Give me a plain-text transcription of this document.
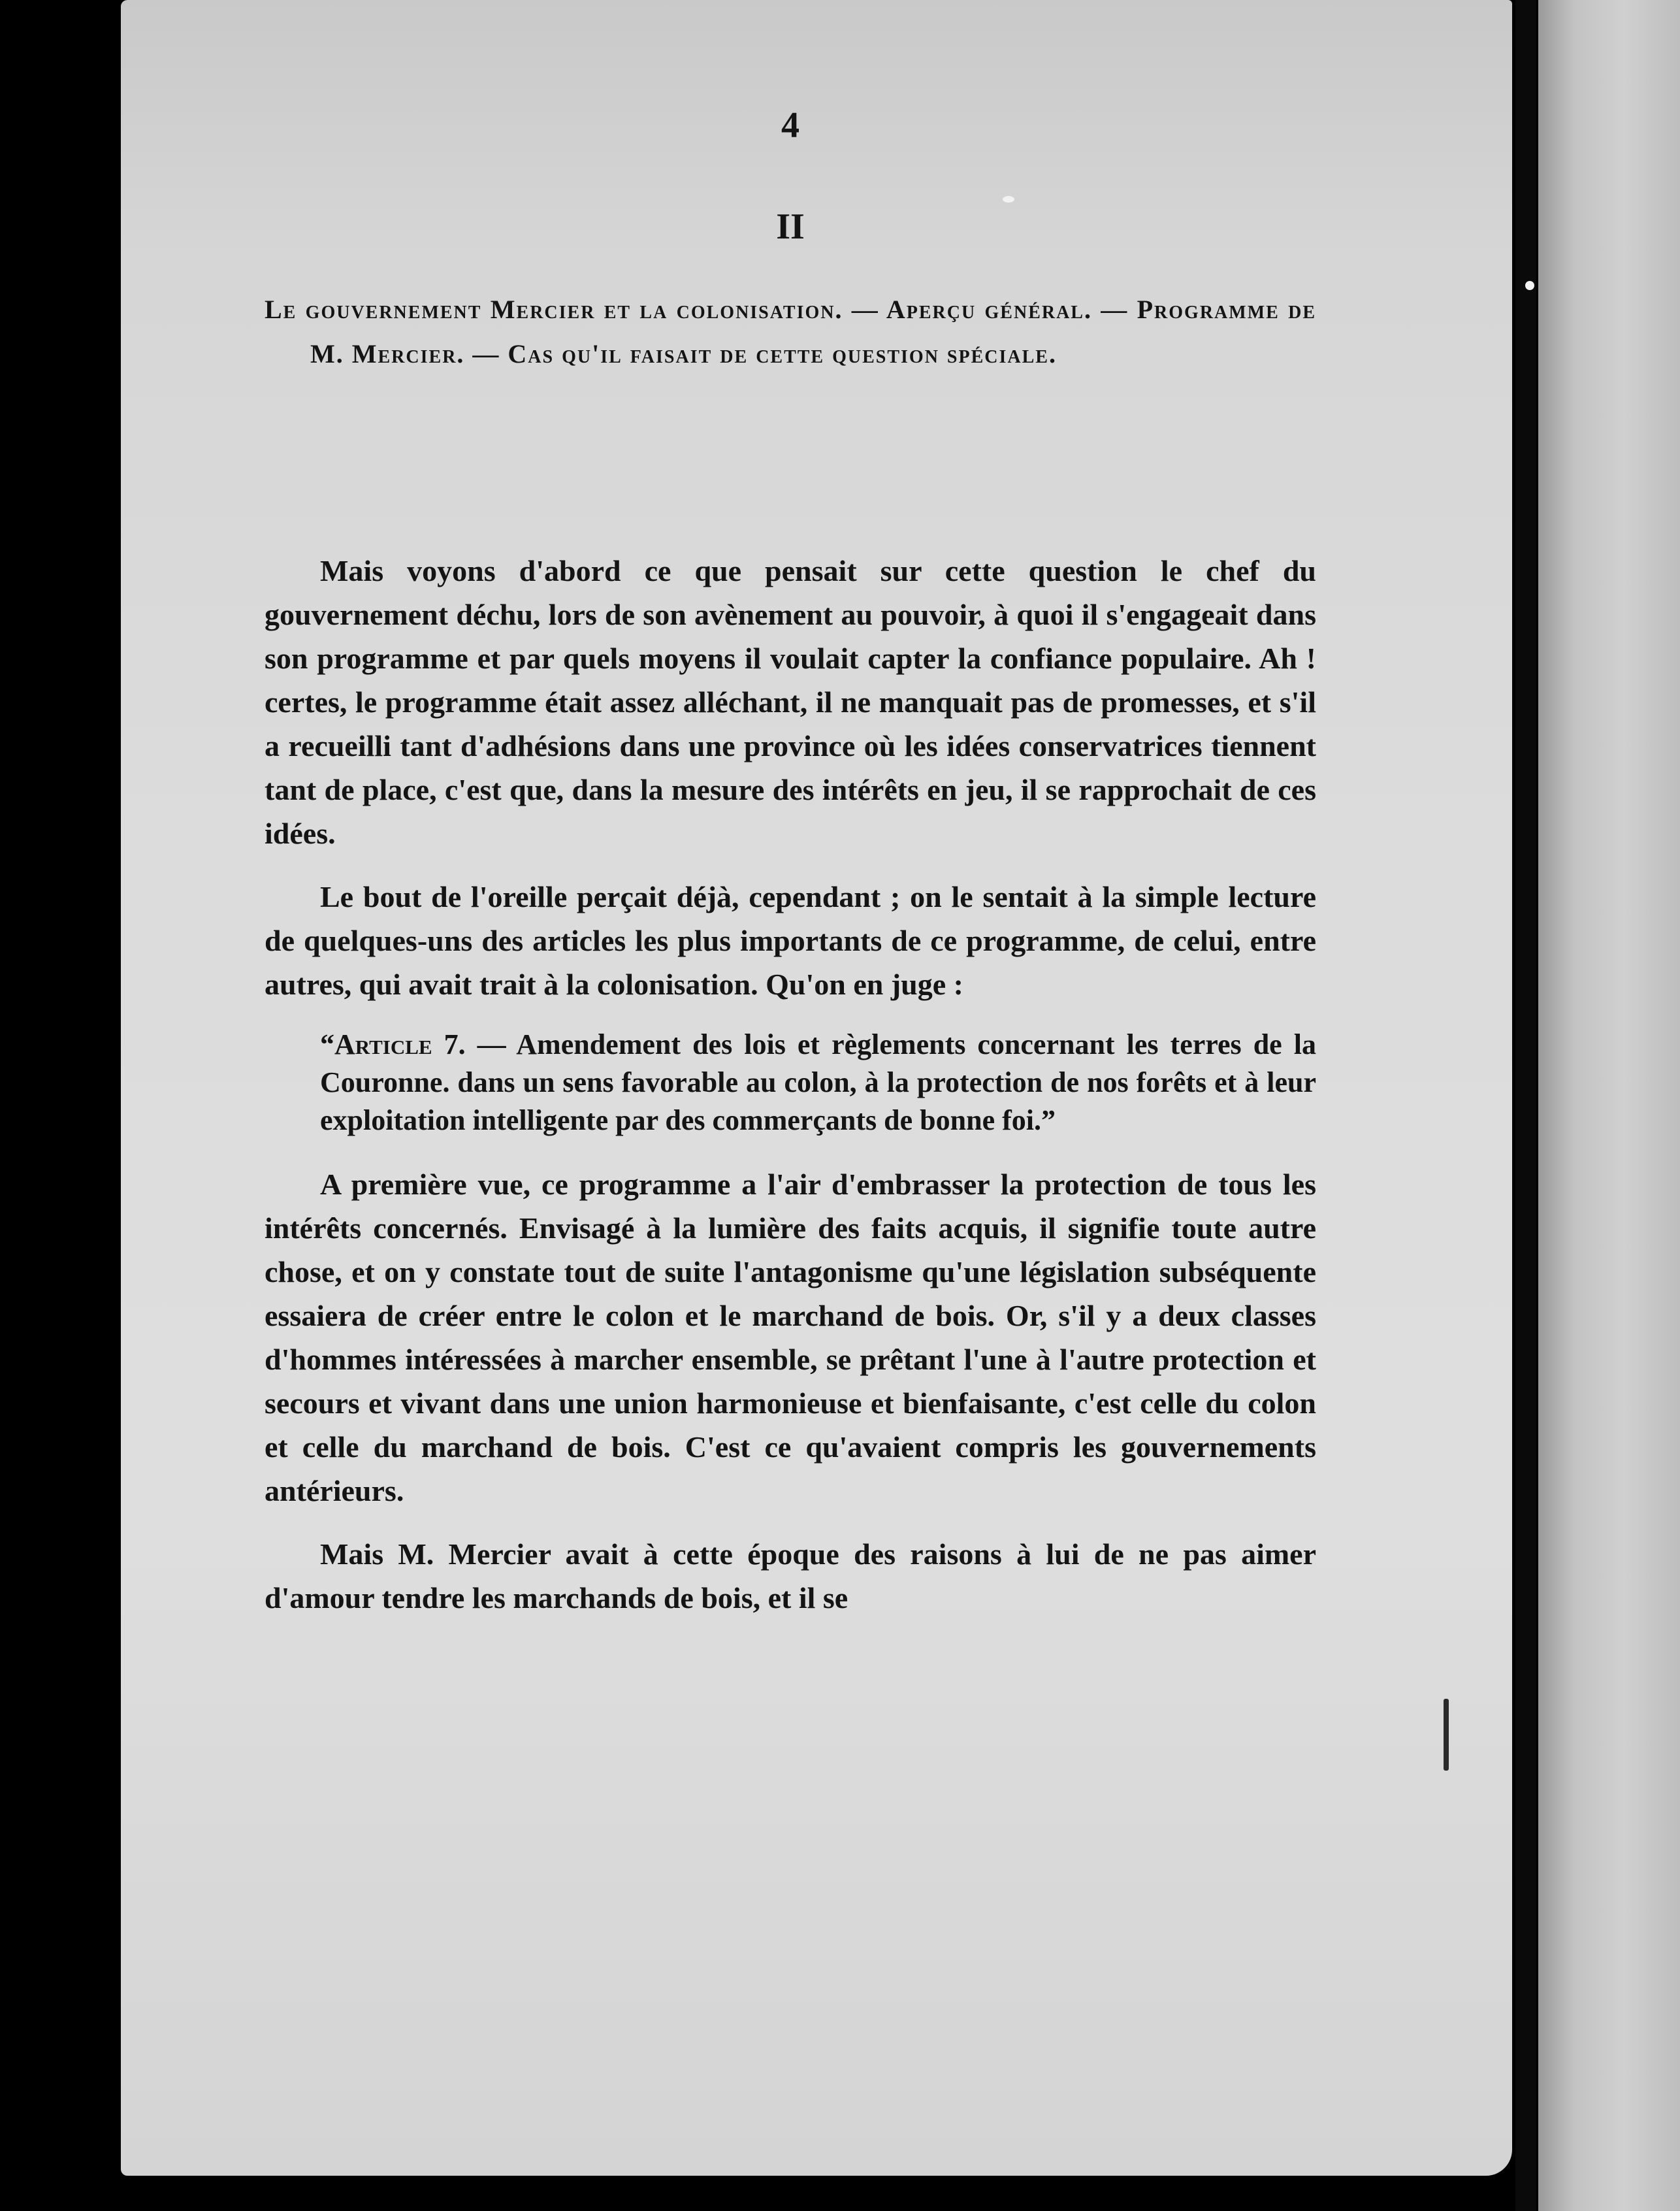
4
II
Le gouvernement Mercier et la colonisation. — Aperçu général. — Programme de M. Mercier. — Cas qu'il faisait de cette question spéciale.

Mais voyons d'abord ce que pensait sur cette question le chef du gouvernement déchu, lors de son avènement au pouvoir, à quoi il s'engageait dans son programme et par quels moyens il voulait capter la confiance populaire. Ah ! certes, le programme était assez alléchant, il ne manquait pas de promesses, et s'il a recueilli tant d'adhésions dans une province où les idées conservatrices tiennent tant de place, c'est que, dans la mesure des intérêts en jeu, il se rapprochait de ces idées.

Le bout de l'oreille perçait déjà, cependant ; on le sentait à la simple lecture de quelques-uns des articles les plus importants de ce programme, de celui, entre autres, qui avait trait à la colonisation. Qu'on en juge :

“Article 7. — Amendement des lois et règlements concernant les terres de la Couronne. dans un sens favorable au colon, à la protection de nos forêts et à leur exploitation intelligente par des commerçants de bonne foi.”

A première vue, ce programme a l'air d'embrasser la protection de tous les intérêts concernés. Envisagé à la lumière des faits acquis, il signifie toute autre chose, et on y constate tout de suite l'antagonisme qu'une législation subséquente essaiera de créer entre le colon et le marchand de bois. Or, s'il y a deux classes d'hommes intéressées à marcher ensemble, se prêtant l'une à l'autre protection et secours et vivant dans une union harmonieuse et bienfaisante, c'est celle du colon et celle du marchand de bois. C'est ce qu'avaient compris les gouvernements antérieurs.

Mais M. Mercier avait à cette époque des raisons à lui de ne pas aimer d'amour tendre les marchands de bois, et il se
